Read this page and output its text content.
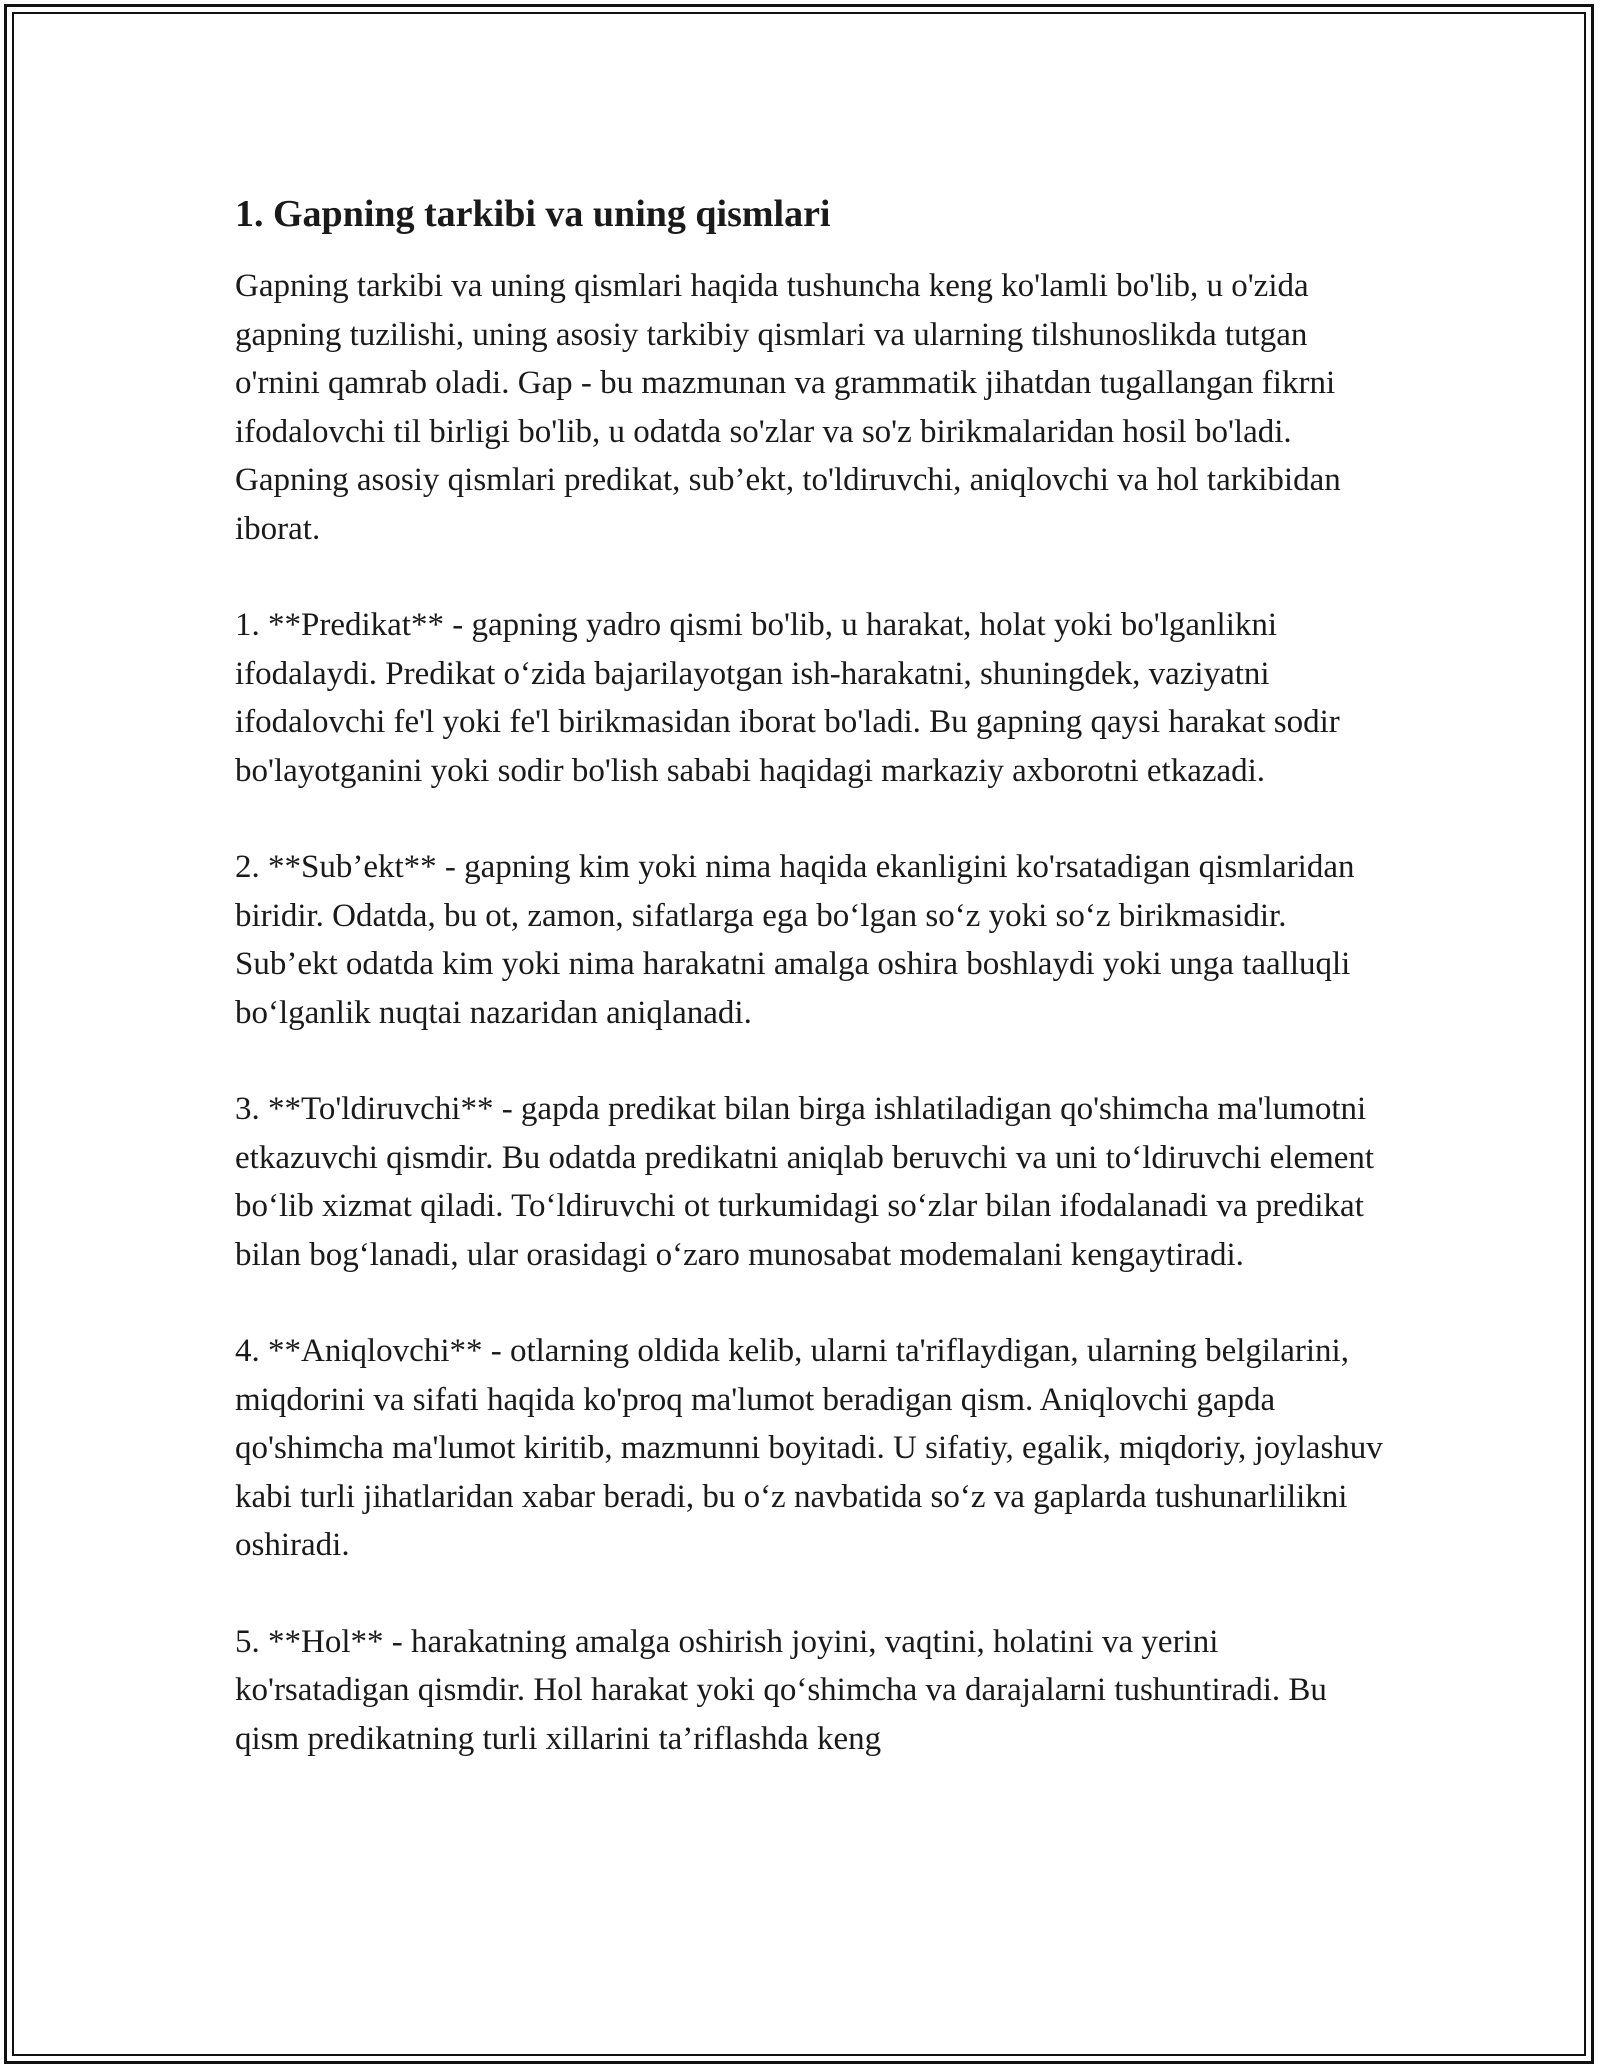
1. Gapning tarkibi va uning qismlari

Gapning tarkibi va uning qismlari haqida tushuncha keng ko'lamli bo'lib, u o'zida gapning tuzilishi, uning asosiy tarkibiy qismlari va ularning tilshunoslikda tutgan o'rnini qamrab oladi. Gap - bu mazmunan va grammatik jihatdan tugallangan fikrni ifodalovchi til birligi bo'lib, u odatda so'zlar va so'z birikmalaridan hosil bo'ladi. Gapning asosiy qismlari predikat, sub’ekt, to'ldiruvchi, aniqlovchi va hol tarkibidan iborat.

1. **Predikat** - gapning yadro qismi bo'lib, u harakat, holat yoki bo'lganlikni ifodalaydi. Predikat o‘zida bajarilayotgan ish-harakatni, shuningdek, vaziyatni ifodalovchi fe'l yoki fe'l birikmasidan iborat bo'ladi. Bu gapning qaysi harakat sodir bo'layotganini yoki sodir bo'lish sababi haqidagi markaziy axborotni etkazadi.

2. **Sub’ekt** - gapning kim yoki nima haqida ekanligini ko'rsatadigan qismlaridan biridir. Odatda, bu ot, zamon, sifatlarga ega bo‘lgan so‘z yoki so‘z birikmasidir. Sub’ekt odatda kim yoki nima harakatni amalga oshira boshlaydi yoki unga taalluqli bo‘lganlik nuqtai nazaridan aniqlanadi.

3. **To'ldiruvchi** - gapda predikat bilan birga ishlatiladigan qo'shimcha ma'lumotni etkazuvchi qismdir. Bu odatda predikatni aniqlab beruvchi va uni to‘ldiruvchi element bo‘lib xizmat qiladi. To‘ldiruvchi ot turkumidagi so‘zlar bilan ifodalanadi va predikat bilan bog‘lanadi, ular orasidagi o‘zaro munosabat modemalani kengaytiradi.

4. **Aniqlovchi** - otlarning oldida kelib, ularni ta'riflaydigan, ularning belgilarini, miqdorini va sifati haqida ko'proq ma'lumot beradigan qism. Aniqlovchi gapda qo'shimcha ma'lumot kiritib, mazmunni boyitadi. U sifatiy, egalik, miqdoriy, joylashuv kabi turli jihatlaridan xabar beradi, bu o‘z navbatida so‘z va gaplarda tushunarlilikni oshiradi.

5. **Hol** - harakatning amalga oshirish joyini, vaqtini, holatini va yerini ko'rsatadigan qismdir. Hol harakat yoki qo‘shimcha va darajalarni tushuntiradi. Bu qism predikatning turli xillarini ta’riflashda keng
